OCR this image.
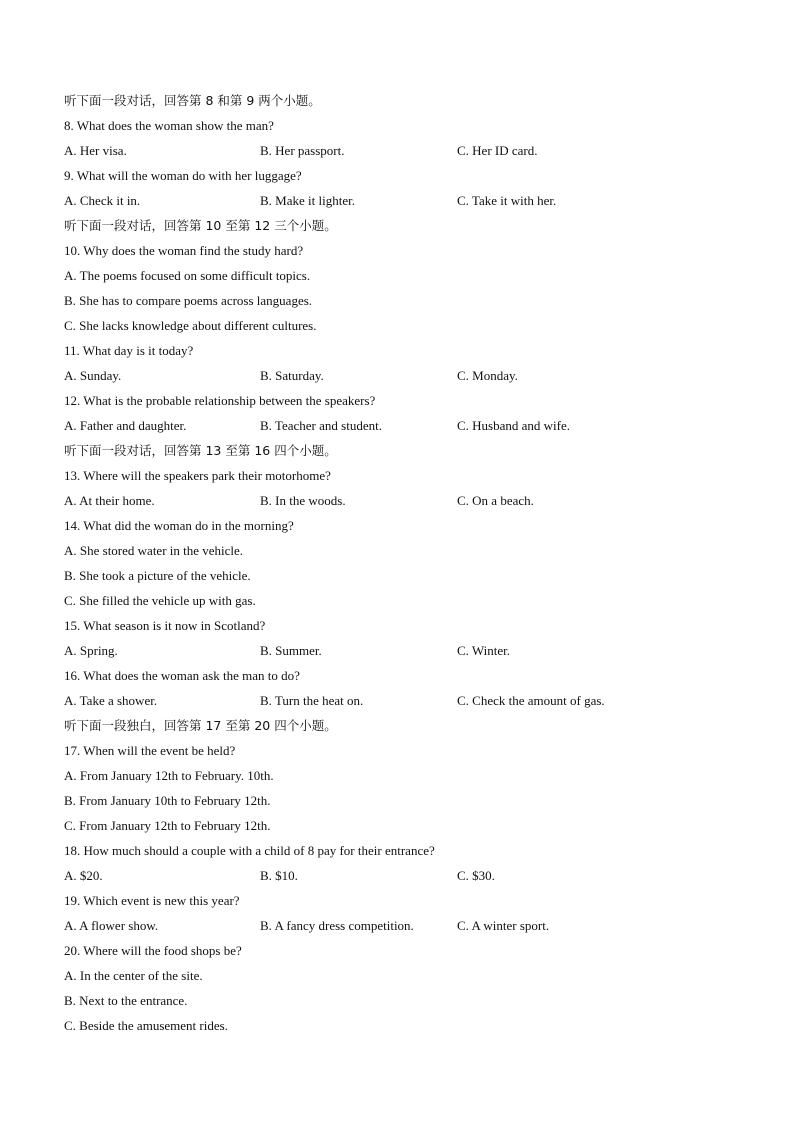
听下面一段对话，回答第 8 和第 9 两个小题。
8. What does the woman show the man?
A. Her visa.	B. Her passport.	C. Her ID card.
9. What will the woman do with her luggage?
A. Check it in.	B. Make it lighter.	C. Take it with her.
听下面一段对话，回答第 10 至第 12 三个小题。
10. Why does the woman find the study hard?
A. The poems focused on some difficult topics.
B. She has to compare poems across languages.
C. She lacks knowledge about different cultures.
11. What day is it today?
A. Sunday.	B. Saturday.	C. Monday.
12. What is the probable relationship between the speakers?
A. Father and daughter.	B. Teacher and student.	C. Husband and wife.
听下面一段对话，回答第 13 至第 16 四个小题。
13. Where will the speakers park their motorhome?
A. At their home.	B. In the woods.	C. On a beach.
14. What did the woman do in the morning?
A. She stored water in the vehicle.
B. She took a picture of the vehicle.
C. She filled the vehicle up with gas.
15. What season is it now in Scotland?
A. Spring.	B. Summer.	C. Winter.
16. What does the woman ask the man to do?
A. Take a shower.	B. Turn the heat on.	C. Check the amount of gas.
听下面一段独白，回答第 17 至第 20 四个小题。
17. When will the event be held?
A. From January 12th to February. 10th.
B. From January 10th to February 12th.
C. From January 12th to February 12th.
18. How much should a couple with a child of 8 pay for their entrance?
A. $20.	B. $10.	C. $30.
19. Which event is new this year?
A. A flower show.	B. A fancy dress competition.	C. A winter sport.
20. Where will the food shops be?
A. In the center of the site.
B. Next to the entrance.
C. Beside the amusement rides.
